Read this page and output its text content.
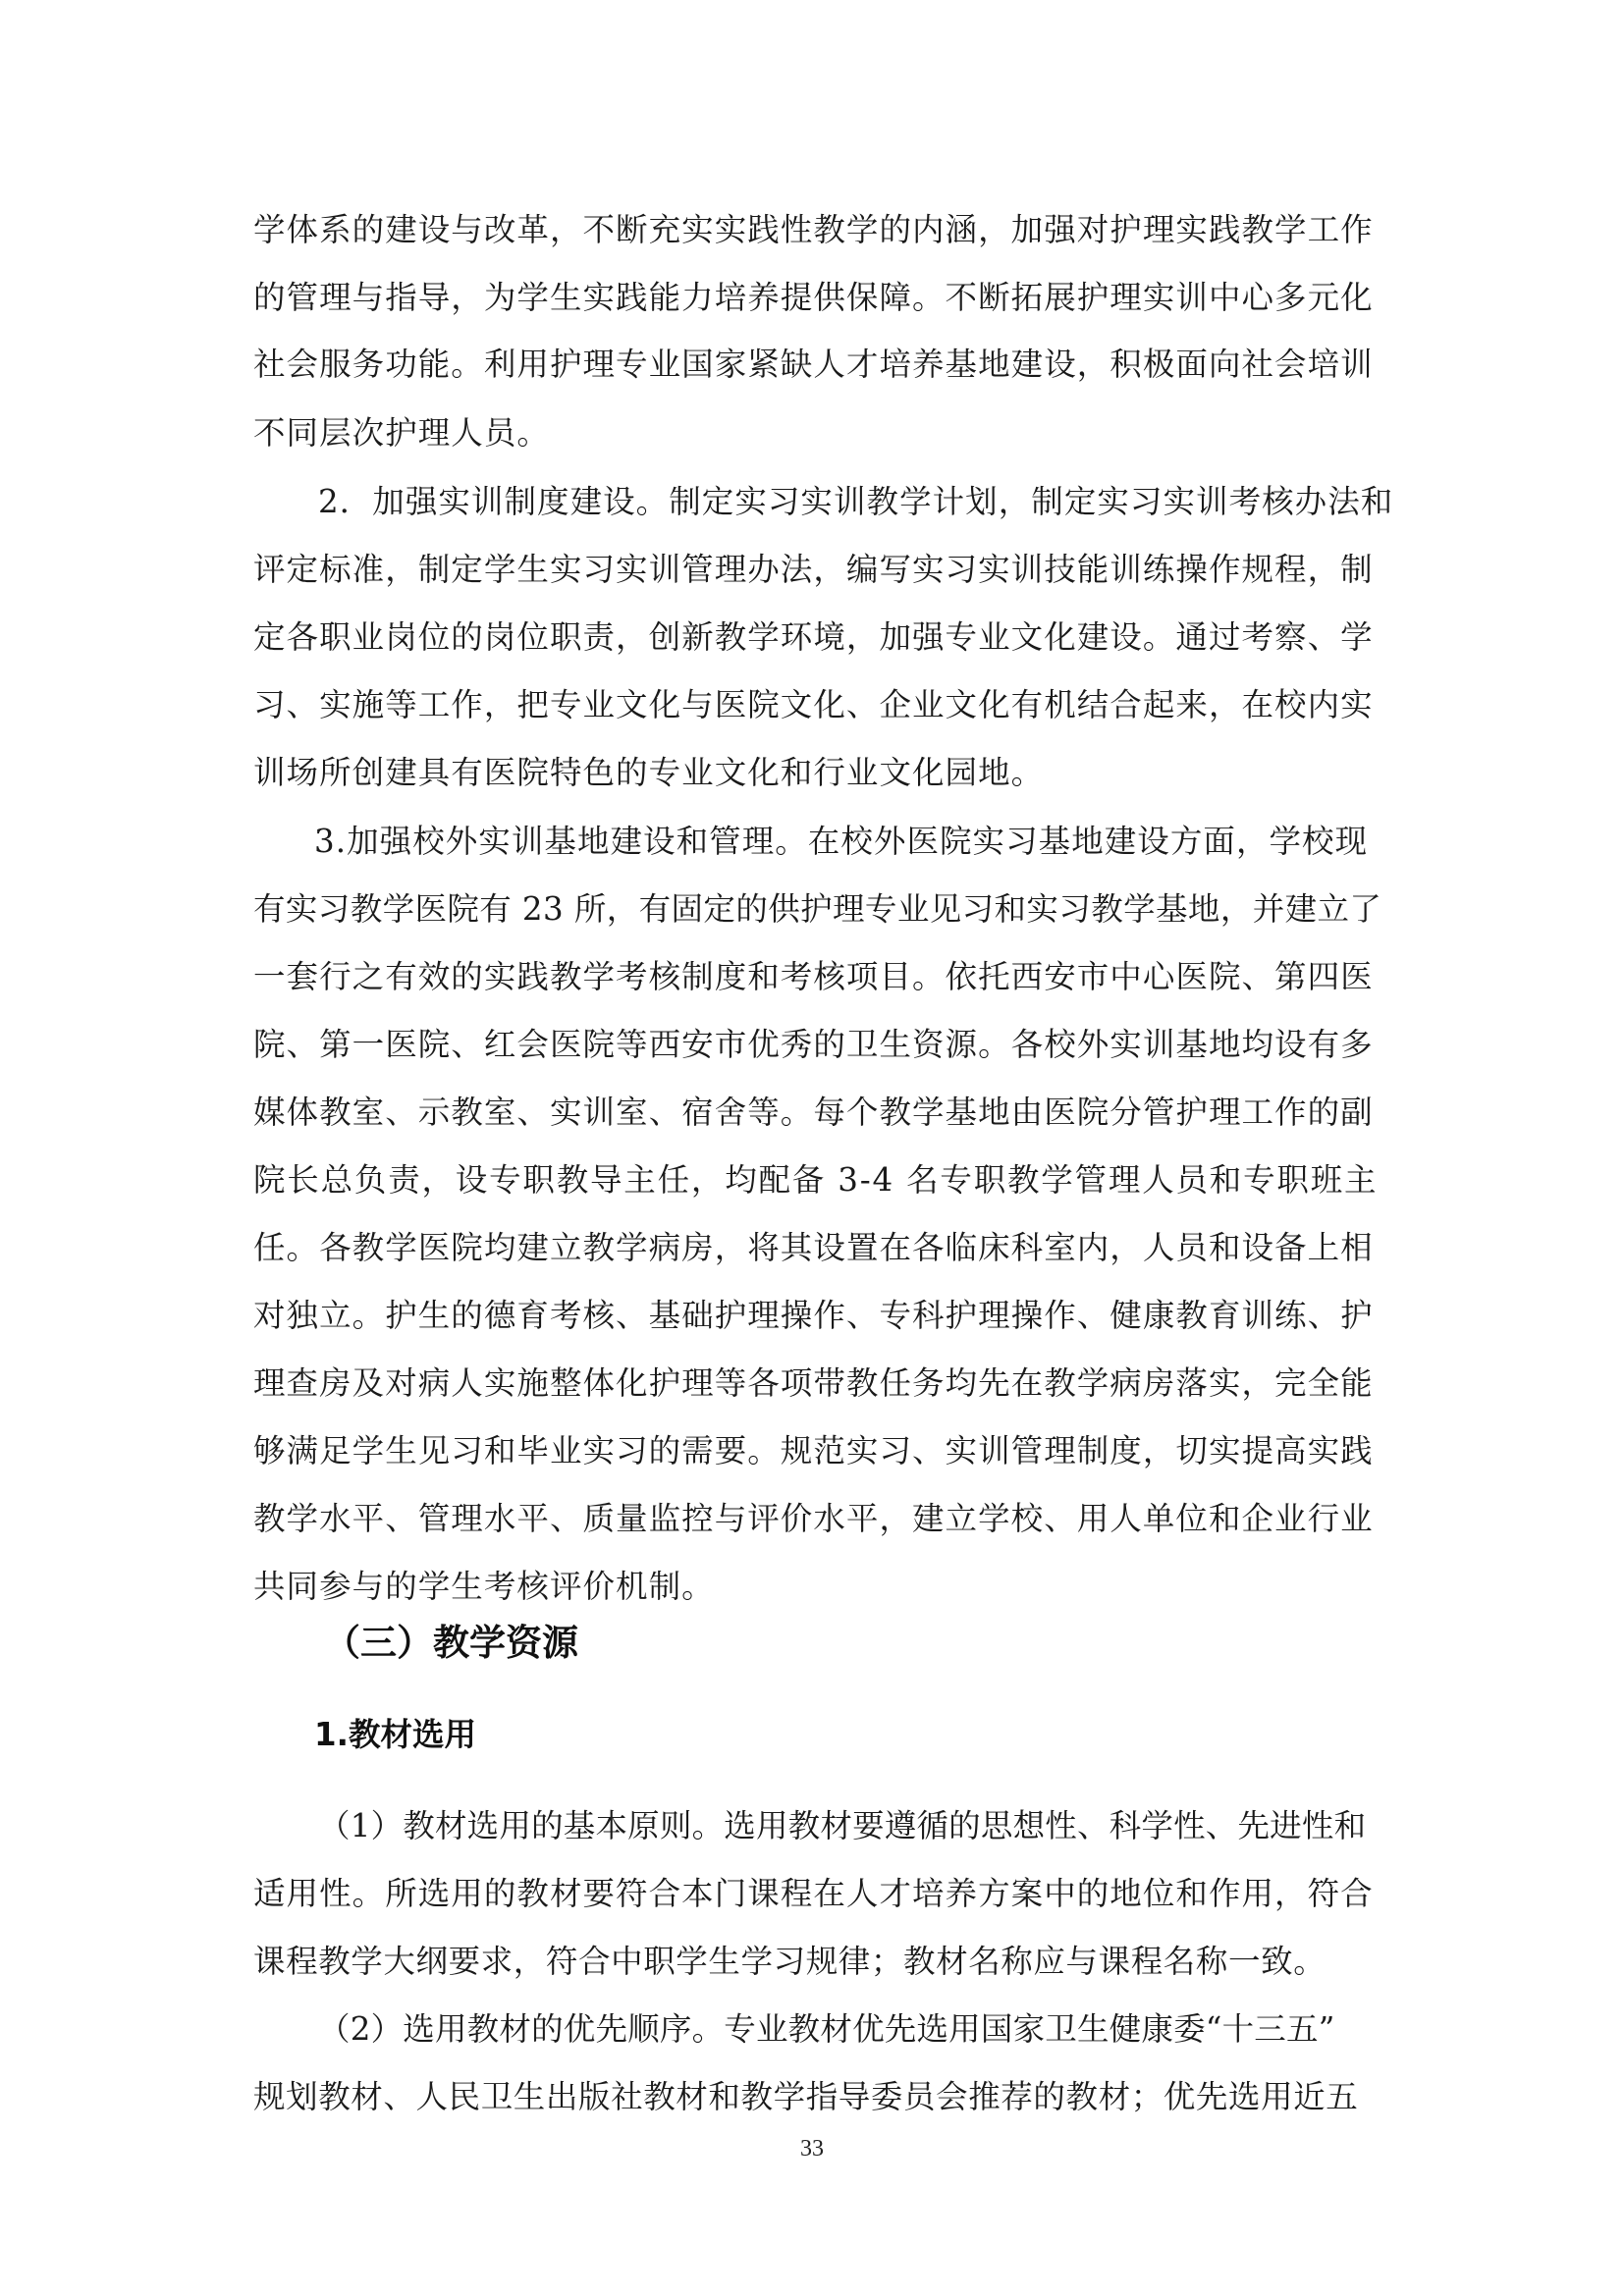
学体系的建设与改革，不断充实实践性教学的内涵，加强对护理实践教学工作
的管理与指导，为学生实践能力培养提供保障。不断拓展护理实训中心多元化
社会服务功能。利用护理专业国家紧缺人才培养基地建设，积极面向社会培训
不同层次护理人员。
2．加强实训制度建设。制定实习实训教学计划，制定实习实训考核办法和
评定标准，制定学生实习实训管理办法，编写实习实训技能训练操作规程，制
定各职业岗位的岗位职责，创新教学环境，加强专业文化建设。通过考察、学
习、实施等工作，把专业文化与医院文化、企业文化有机结合起来，在校内实
训场所创建具有医院特色的专业文化和行业文化园地。
3.加强校外实训基地建设和管理。在校外医院实习基地建设方面，学校现
有实习教学医院有 23 所，有固定的供护理专业见习和实习教学基地，并建立了
一套行之有效的实践教学考核制度和考核项目。依托西安市中心医院、第四医
院、第一医院、红会医院等西安市优秀的卫生资源。各校外实训基地均设有多
媒体教室、示教室、实训室、宿舍等。每个教学基地由医院分管护理工作的副
院长总负责，设专职教导主任，均配备 3-4 名专职教学管理人员和专职班主
任。各教学医院均建立教学病房，将其设置在各临床科室内，人员和设备上相
对独立。护生的德育考核、基础护理操作、专科护理操作、健康教育训练、护
理查房及对病人实施整体化护理等各项带教任务均先在教学病房落实，完全能
够满足学生见习和毕业实习的需要。规范实习、实训管理制度，切实提高实践
教学水平、管理水平、质量监控与评价水平，建立学校、用人单位和企业行业
共同参与的学生考核评价机制。
（三）教学资源
1.教材选用
（1）教材选用的基本原则。选用教材要遵循的思想性、科学性、先进性和
适用性。所选用的教材要符合本门课程在人才培养方案中的地位和作用，符合
课程教学大纲要求，符合中职学生学习规律；教材名称应与课程名称一致。
（2）选用教材的优先顺序。专业教材优先选用国家卫生健康委“十三五”
规划教材、人民卫生出版社教材和教学指导委员会推荐的教材；优先选用近五
33
